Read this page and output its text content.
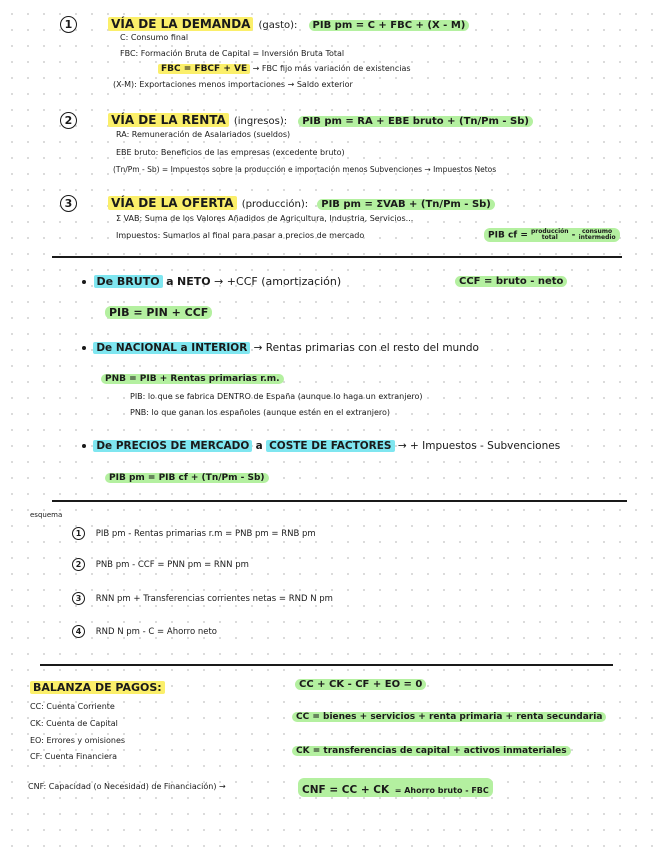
1	VÍA DE LA DEMANDA (gasto): PIB pm = C + FBC + (X - M)
C: Consumo final
FBC: Formación Bruta de Capital = Inversión Bruta Total
FBC = FBCF + VE → FBC fijo más variación de existencias
(X-M): Exportaciones menos importaciones → Saldo exterior
2	VÍA DE LA RENTA (ingresos): PIB pm = RA + EBE bruto + (Tn/Pm - Sb)
RA: Remuneración de Asalariados (sueldos)
EBE bruto: Beneficios de las empresas (excedente bruto)
(Tn/Pm - Sb) = Impuestos sobre la producción e importación menos Subvenciones → Impuestos Netos
3	VÍA DE LA OFERTA (producción): PIB pm = ΣVAB + (Tn/Pm - Sb)
Σ VAB: Suma de los Valores Añadidos de Agricultura, Industria, Servicios...
Impuestos: Sumarlos al final para pasar a precios de mercado	PIB cf = producción
total	-	consumo
intermedio
De BRUTO a NETO → +CCF (amortización)	CCF = bruto - neto
PIB = PIN + CCF
De NACIONAL a INTERIOR → Rentas primarias con el resto del mundo
PNB = PIB + Rentas primarias r.m.
PIB: lo que se fabrica DENTRO de España (aunque lo haga un extranjero)
PNB: lo que ganan los españoles (aunque estén en el extranjero)
De PRECIOS DE MERCADO a COSTE DE FACTORES → + Impuestos - Subvenciones
PIB pm = PIB cf + (Tn/Pm - Sb)
esquema
1 PIB pm - Rentas primarias r.m = PNB pm = RNB pm
2 PNB pm - CCF = PNN pm = RNN pm
3 RNN pm + Transferencias corrientes netas = RND N pm
4 RND N pm - C = Ahorro neto
BALANZA DE PAGOS:
CC: Cuenta Corriente
CK: Cuenta de Capital
EO: Errores y omisiones
CF: Cuenta Financiera
CC + CK - CF + EO = 0
CC = bienes + servicios + renta primaria + renta secundaria
CK = transferencias de capital + activos inmateriales
CNF: Capacidad (o Necesidad) de Financiación) →	CNF = CC + CK = Ahorro bruto - FBC
